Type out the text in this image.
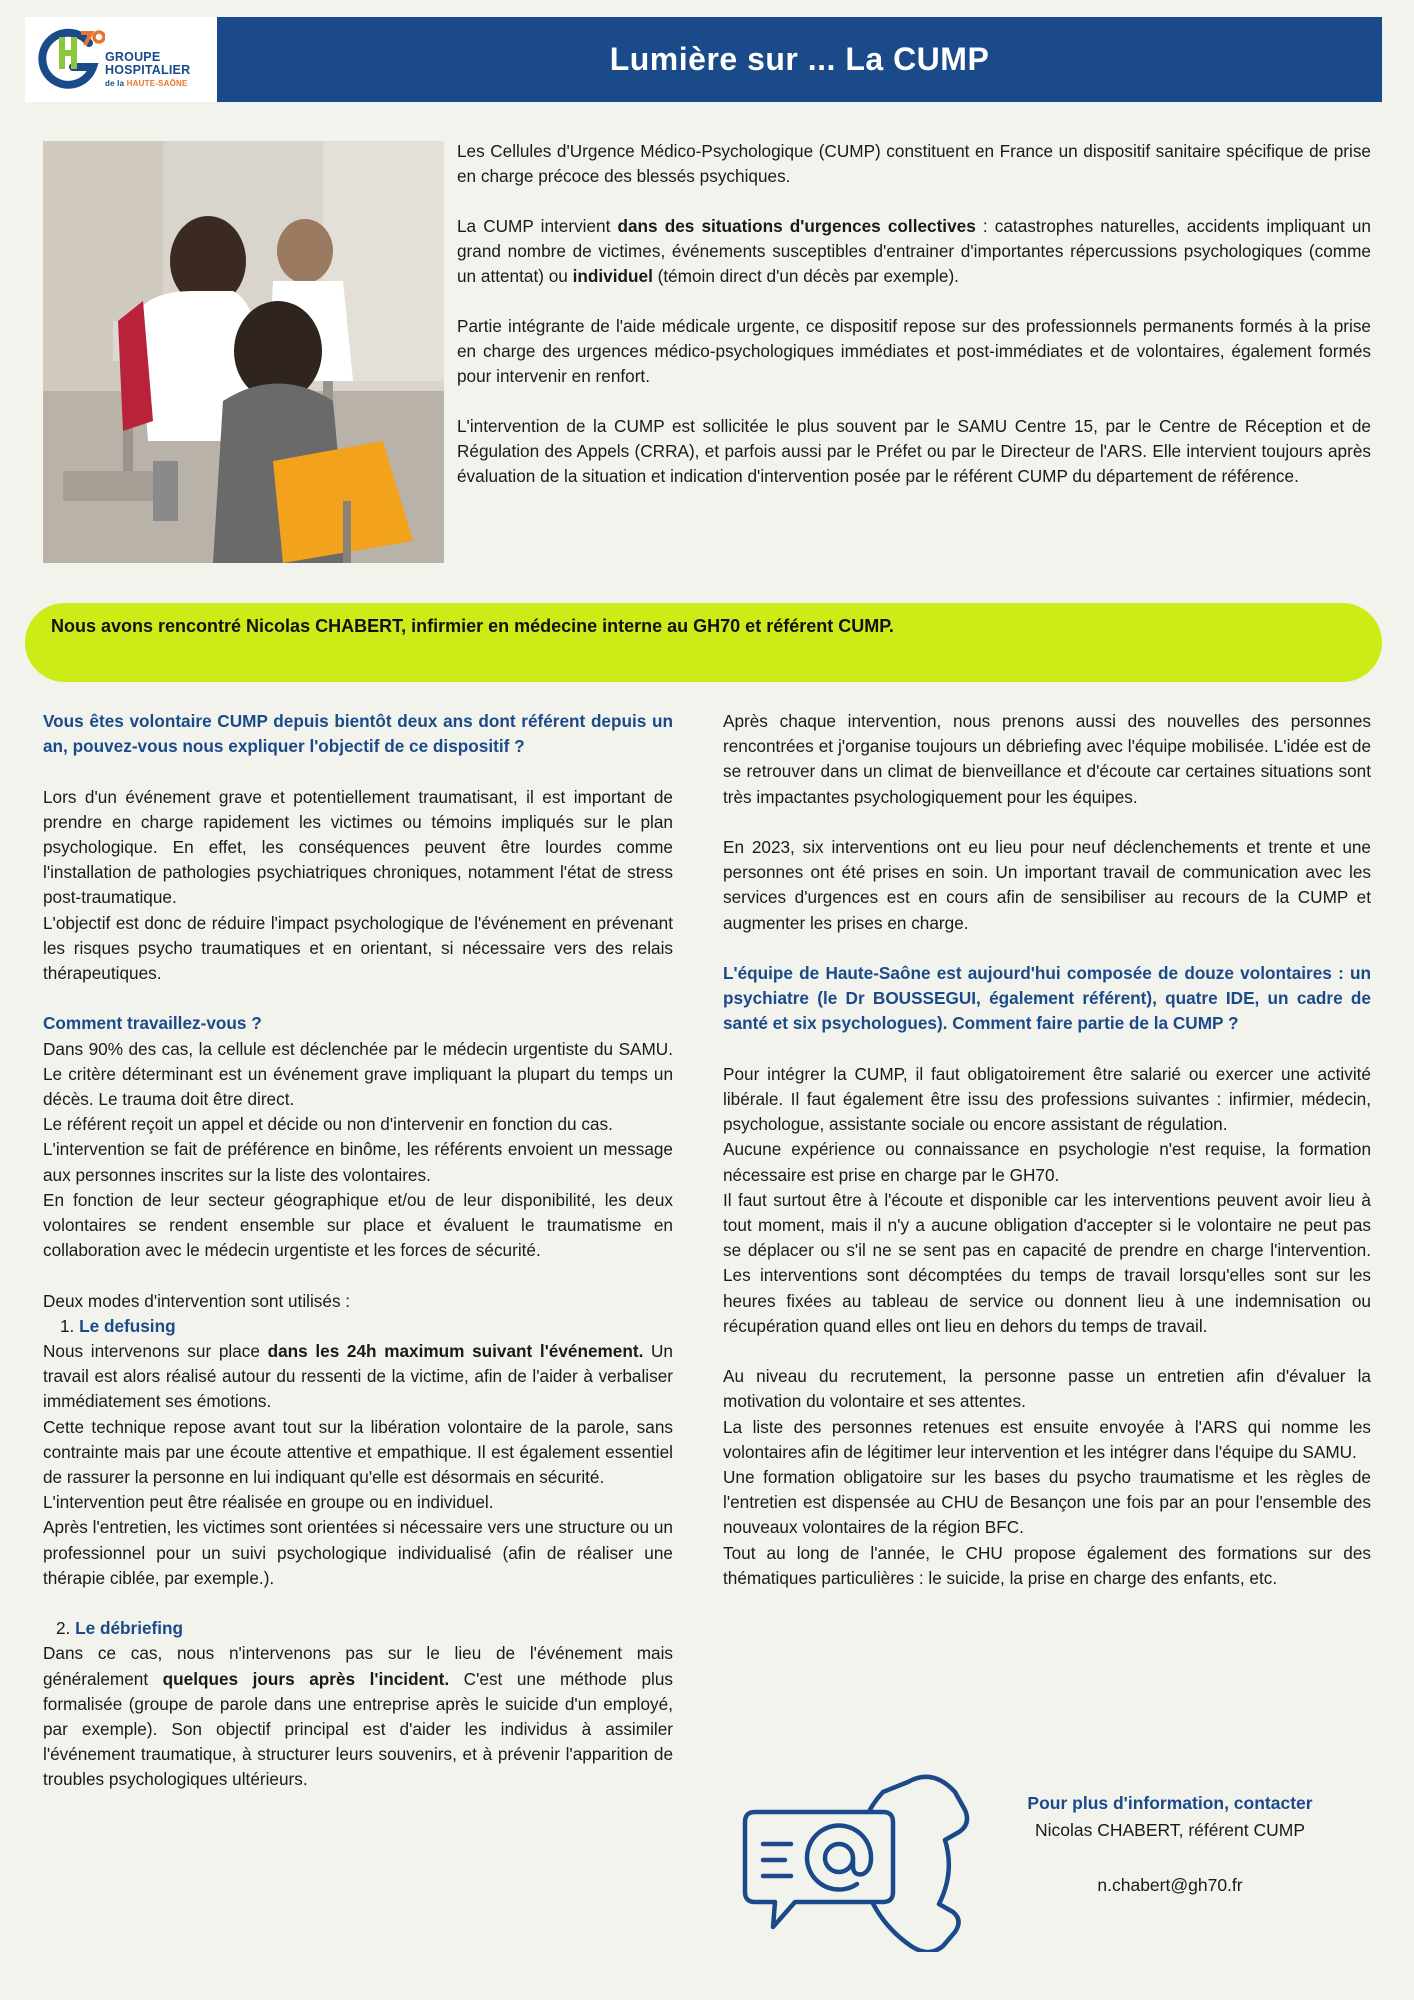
GROUPE
HOSPITALIER
de la HAUTE-SAÔNE
Lumière sur ... La CUMP

Les Cellules d'Urgence Médico-Psychologique (CUMP) constituent en France un dispositif sanitaire spécifique de prise en charge précoce des blessés psychiques.

La CUMP intervient dans des situations d'urgences collectives : catastrophes naturelles, accidents impliquant un grand nombre de victimes, événements susceptibles d'entrainer d'importantes répercussions psychologiques (comme un attentat) ou individuel (témoin direct d'un décès par exemple).

Partie intégrante de l'aide médicale urgente, ce dispositif repose sur des professionnels permanents formés à la prise en charge des urgences médico-psychologiques immédiates et post-immédiates et de volontaires, également formés pour intervenir en renfort.

L'intervention de la CUMP est sollicitée le plus souvent par le SAMU Centre 15, par le Centre de Réception et de Régulation des Appels (CRRA), et parfois aussi par le Préfet ou par le Directeur de l'ARS. Elle intervient toujours après évaluation de la situation et indication d'intervention posée par le référent CUMP du département de référence.

Nous avons rencontré Nicolas CHABERT, infirmier en médecine interne au GH70 et référent CUMP.

Vous êtes volontaire CUMP depuis bientôt deux ans dont référent depuis un an, pouvez-vous nous expliquer l'objectif de ce dispositif ?

Lors d'un événement grave et potentiellement traumatisant, il est important de prendre en charge rapidement les victimes ou témoins impliqués sur le plan psychologique. En effet, les conséquences peuvent être lourdes comme l'installation de pathologies psychiatriques chroniques, notamment l'état de stress post-traumatique.

L'objectif est donc de réduire l'impact psychologique de l'événement en prévenant les risques psycho traumatiques et en orientant, si nécessaire vers des relais thérapeutiques.

Comment travaillez-vous ?

Dans 90% des cas, la cellule est déclenchée par le médecin urgentiste du SAMU. Le critère déterminant est un événement grave impliquant la plupart du temps un décès. Le trauma doit être direct.

Le référent reçoit un appel et décide ou non d'intervenir en fonction du cas.

L'intervention se fait de préférence en binôme, les référents envoient un message aux personnes inscrites sur la liste des volontaires.

En fonction de leur secteur géographique et/ou de leur disponibilité, les deux volontaires se rendent ensemble sur place et évaluent le traumatisme en collaboration avec le médecin urgentiste et les forces de sécurité.

Deux modes d'intervention sont utilisés :

1. Le defusing

Nous intervenons sur place dans les 24h maximum suivant l'événement. Un travail est alors réalisé autour du ressenti de la victime, afin de l'aider à verbaliser immédiatement ses émotions.

Cette technique repose avant tout sur la libération volontaire de la parole, sans contrainte mais par une écoute attentive et empathique. Il est également essentiel de rassurer la personne en lui indiquant qu'elle est désormais en sécurité.

L'intervention peut être réalisée en groupe ou en individuel.

Après l'entretien, les victimes sont orientées si nécessaire vers une structure ou un professionnel pour un suivi psychologique individualisé (afin de réaliser une thérapie ciblée, par exemple.).

2. Le débriefing

Dans ce cas, nous n'intervenons pas sur le lieu de l'événement mais généralement quelques jours après l'incident. C'est une méthode plus formalisée (groupe de parole dans une entreprise après le suicide d'un employé, par exemple). Son objectif principal est d'aider les individus à assimiler l'événement traumatique, à structurer leurs souvenirs, et à prévenir l'apparition de troubles psychologiques ultérieurs.

Après chaque intervention, nous prenons aussi des nouvelles des personnes rencontrées et j'organise toujours un débriefing avec l'équipe mobilisée. L'idée est de se retrouver dans un climat de bienveillance et d'écoute car certaines situations sont très impactantes psychologiquement pour les équipes.

En 2023, six interventions ont eu lieu pour neuf déclenchements et trente et une personnes ont été prises en soin. Un important travail de communication avec les services d'urgences est en cours afin de sensibiliser au recours de la CUMP et augmenter les prises en charge.

L'équipe de Haute-Saône est aujourd'hui composée de douze volontaires : un psychiatre (le Dr BOUSSEGUI, également référent), quatre IDE, un cadre de santé et six psychologues). Comment faire partie de la CUMP ?

Pour intégrer la CUMP, il faut obligatoirement être salarié ou exercer une activité libérale. Il faut également être issu des professions suivantes : infirmier, médecin, psychologue, assistante sociale ou encore assistant de régulation.

Aucune expérience ou connaissance en psychologie n'est requise, la formation nécessaire est prise en charge par le GH70.

Il faut surtout être à l'écoute et disponible car les interventions peuvent avoir lieu à tout moment, mais il n'y a aucune obligation d'accepter si le volontaire ne peut pas se déplacer ou s'il ne se sent pas en capacité de prendre en charge l'intervention. Les interventions sont décomptées du temps de travail lorsqu'elles sont sur les heures fixées au tableau de service ou donnent lieu à une indemnisation ou récupération quand elles ont lieu en dehors du temps de travail.

Au niveau du recrutement, la personne passe un entretien afin d'évaluer la motivation du volontaire et ses attentes.

La liste des personnes retenues est ensuite envoyée à l'ARS qui nomme les volontaires afin de légitimer leur intervention et les intégrer dans l'équipe du SAMU.

Une formation obligatoire sur les bases du psycho traumatisme et les règles de l'entretien est dispensée au CHU de Besançon une fois par an pour l'ensemble des nouveaux volontaires de la région BFC.

Tout au long de l'année, le CHU propose également des formations sur des thématiques particulières : le suicide, la prise en charge des enfants, etc.

Pour plus d'information, contacter
Nicolas CHABERT, référent CUMP
n.chabert@gh70.fr
